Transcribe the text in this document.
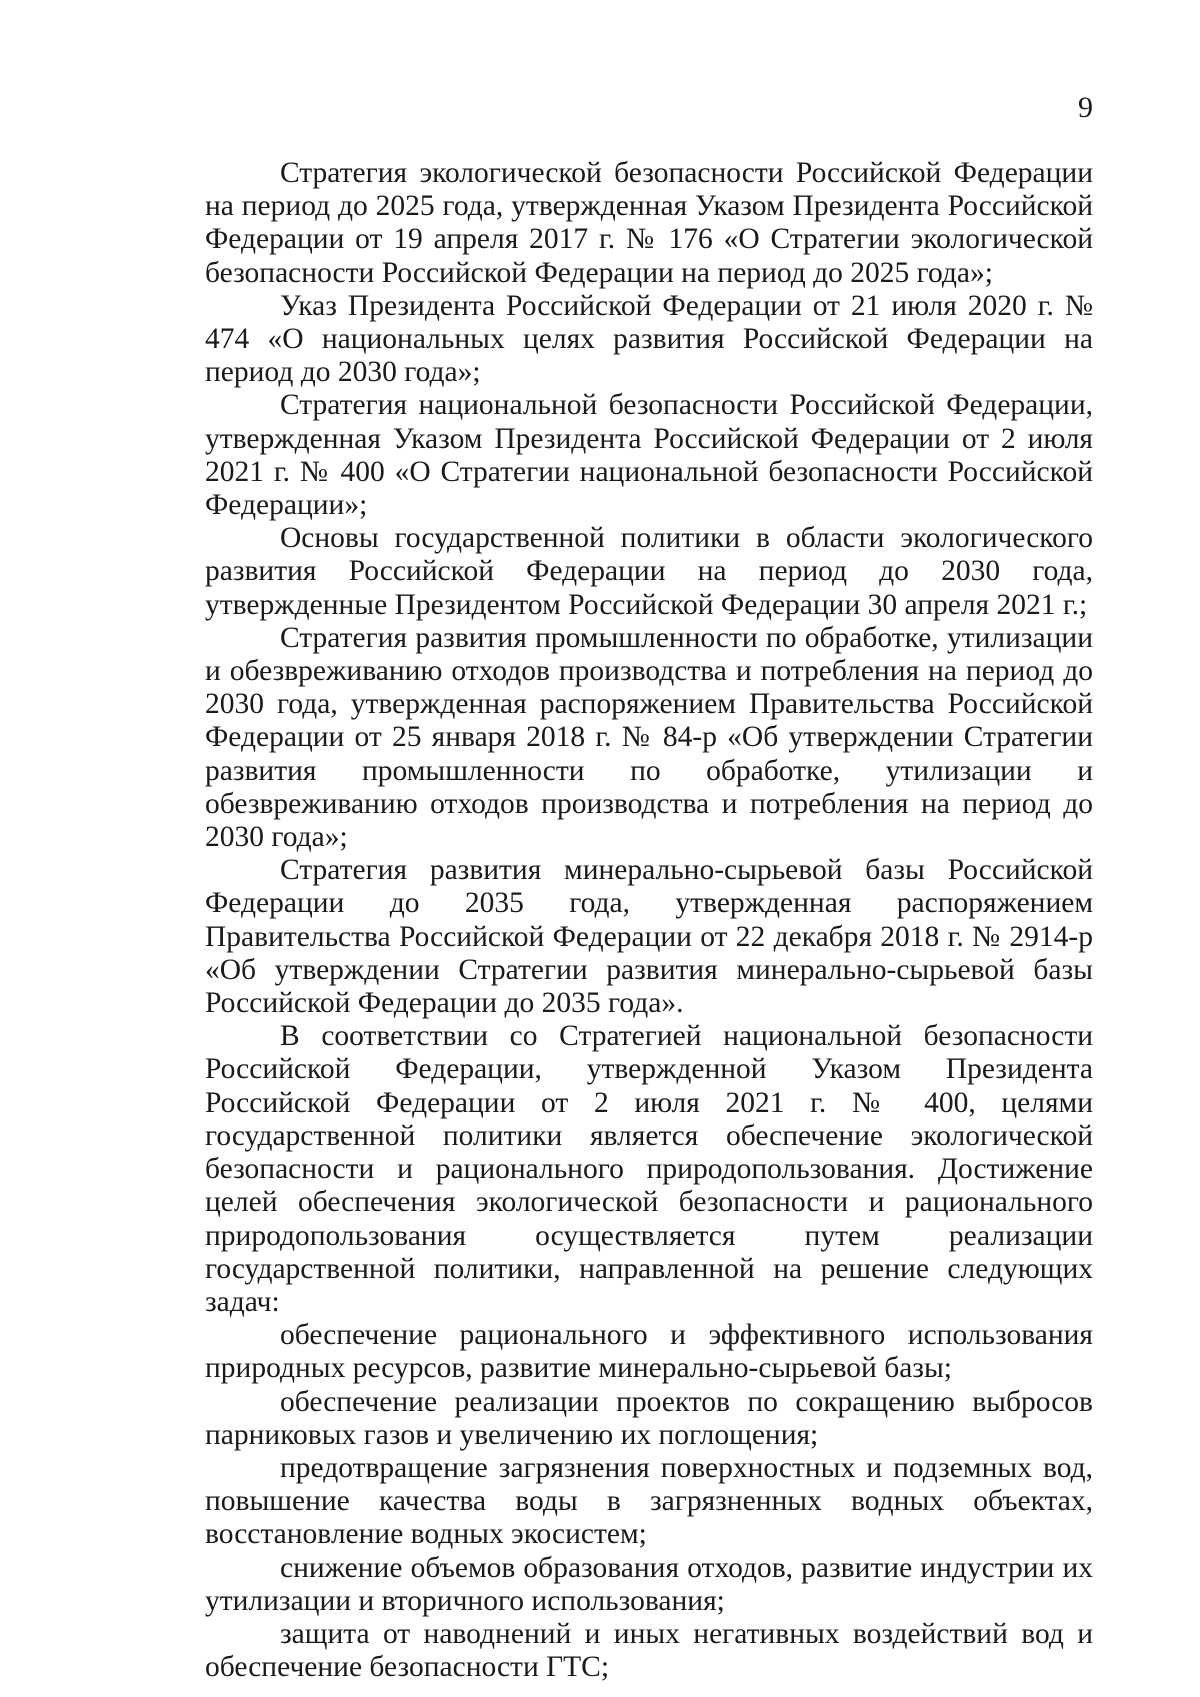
9

Стратегия экологической безопасности Российской Федерации на период до 2025 года, утвержденная Указом Президента Российской Федерации от 19 апреля 2017 г. № 176 «О Стратегии экологической безопасности Российской Федерации на период до 2025 года»;

Указ Президента Российской Федерации от 21 июля 2020 г. № 474 «О национальных целях развития Российской Федерации на период до 2030 года»;

Стратегия национальной безопасности Российской Федерации, утвержденная Указом Президента Российской Федерации от 2 июля 2021 г. № 400 «О Стратегии национальной безопасности Российской Федерации»;

Основы государственной политики в области экологического развития Российской Федерации на период до 2030 года, утвержденные Президентом Российской Федерации 30 апреля 2021 г.;

Стратегия развития промышленности по обработке, утилизации и обезвреживанию отходов производства и потребления на период до 2030 года, утвержденная распоряжением Правительства Российской Федерации от 25 января 2018 г. № 84-р «Об утверждении Стратегии развития промышленности по обработке, утилизации и обезвреживанию отходов производства и потребления на период до 2030 года»;

Стратегия развития минерально-сырьевой базы Российской Федерации до 2035 года, утвержденная распоряжением Правительства Российской Федерации от 22 декабря 2018 г. № 2914-р «Об утверждении Стратегии развития минерально-сырьевой базы Российской Федерации до 2035 года».

В соответствии со Стратегией национальной безопасности Российской Федерации, утвержденной Указом Президента Российской Федерации от 2 июля 2021 г. № 400, целями государственной политики является обеспечение экологической безопасности и рационального природопользования. Достижение целей обеспечения экологической безопасности и рационального природопользования осуществляется путем реализации государственной политики, направленной на решение следующих задач:

обеспечение рационального и эффективного использования природных ресурсов, развитие минерально-сырьевой базы;

обеспечение реализации проектов по сокращению выбросов парниковых газов и увеличению их поглощения;

предотвращение загрязнения поверхностных и подземных вод, повышение качества воды в загрязненных водных объектах, восстановление водных экосистем;

снижение объемов образования отходов, развитие индустрии их утилизации и вторичного использования;

защита от наводнений и иных негативных воздействий вод и обеспечение безопасности ГТС;
